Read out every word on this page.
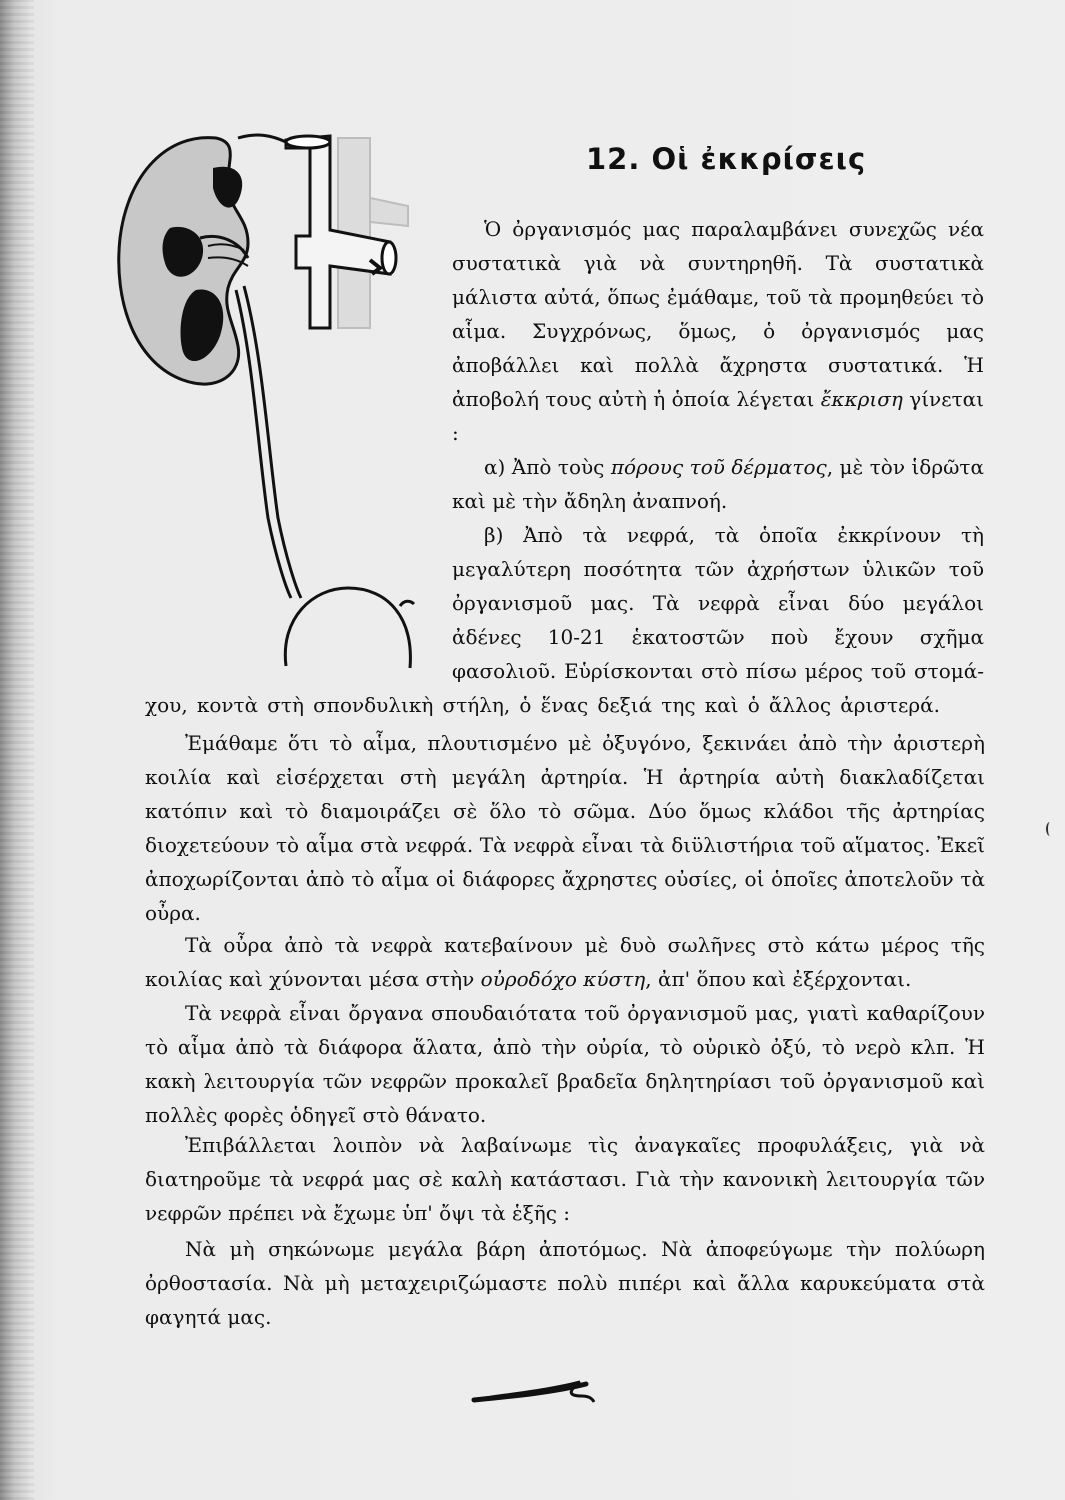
12. Οἱ ἐκκρίσεις

Ὁ ὀργανισμός μας παραλαμβάνει συνεχῶς νέα συστατικὰ γιὰ νὰ συντηρηθῆ. Τὰ συστατικὰ μάλιστα αὐτά, ὅπως ἐμάθαμε, τοῦ τὰ προμηθεύει τὸ αἷμα. Συγχρόνως, ὅμως, ὁ ὀργανισμός μας ἀποβάλλει καὶ πολλὰ ἄχρηστα συστατικά. Ἡ ἀποβολή τους αὐτὴ ἡ ὁποία λέγεται ἔκκριση γίνεται :

α) Ἀπὸ τοὺς πόρους τοῦ δέρματος, μὲ τὸν ἱδρῶτα καὶ μὲ τὴν ἄδηλη ἀναπνοή.

β) Ἀπὸ τὰ νεφρά, τὰ ὁποῖα ἐκκρίνουν τὴ μεγαλύτερη ποσότητα τῶν ἀχρήστων ὑλικῶν τοῦ ὀργανισμοῦ μας. Τὰ νεφρὰ εἶναι δύο μεγάλοι ἀδένες 10-21 ἑκατοστῶν ποὺ ἔχουν σχῆμα φασολιοῦ. Εὑρίσκονται στὸ πίσω μέρος τοῦ στομά-

χου, κοντὰ στὴ σπονδυλικὴ στήλη, ὁ ἕνας δεξιά της καὶ ὁ ἄλλος ἀριστερά.

Ἐμάθαμε ὅτι τὸ αἷμα, πλουτισμένο μὲ ὀξυγόνο, ξεκινάει ἀπὸ τὴν ἀριστερὴ κοιλία καὶ εἰσέρχεται στὴ μεγάλη ἀρτηρία. Ἡ ἀρτηρία αὐτὴ διακλαδίζεται κατόπιν καὶ τὸ διαμοιράζει σὲ ὅλο τὸ σῶμα. Δύο ὅμως κλάδοι τῆς ἀρτηρίας διοχετεύουν τὸ αἷμα στὰ νεφρά. Τὰ νεφρὰ εἶναι τὰ διϋλιστήρια τοῦ αἵματος. Ἐκεῖ ἀποχωρίζονται ἀπὸ τὸ αἷμα οἱ διάφορες ἄχρηστες οὐσίες, οἱ ὁποῖες ἀποτελοῦν τὰ οὖρα.

Τὰ οὖρα ἀπὸ τὰ νεφρὰ κατεβαίνουν μὲ δυὸ σωλῆνες στὸ κάτω μέρος τῆς κοιλίας καὶ χύνονται μέσα στὴν οὐροδόχο κύστη, ἀπ' ὅπου καὶ ἐξέρχονται.

Τὰ νεφρὰ εἶναι ὄργανα σπουδαιότατα τοῦ ὀργανισμοῦ μας, γιατὶ καθαρίζουν τὸ αἷμα ἀπὸ τὰ διάφορα ἅλατα, ἀπὸ τὴν οὐρία, τὸ οὐρικὸ ὀξύ, τὸ νερὸ κλπ. Ἡ κακὴ λειτουργία τῶν νεφρῶν προκαλεῖ βραδεῖα δηλητηρίασι τοῦ ὀργανισμοῦ καὶ πολλὲς φορὲς ὁδηγεῖ στὸ θάνατο.

Ἐπιβάλλεται λοιπὸν νὰ λαβαίνωμε τὶς ἀναγκαῖες προφυλάξεις, γιὰ νὰ διατηροῦμε τὰ νεφρά μας σὲ καλὴ κατάστασι. Γιὰ τὴν κανονικὴ λειτουργία τῶν νεφρῶν πρέπει νὰ ἔχωμε ὑπ' ὄψι τὰ ἑξῆς :

Νὰ μὴ σηκώνωμε μεγάλα βάρη ἀποτόμως. Νὰ ἀποφεύγωμε τὴν πολύωρη ὀρθοστασία. Νὰ μὴ μεταχειριζώμαστε πολὺ πιπέρι καὶ ἄλλα καρυκεύματα στὰ φαγητά μας.
